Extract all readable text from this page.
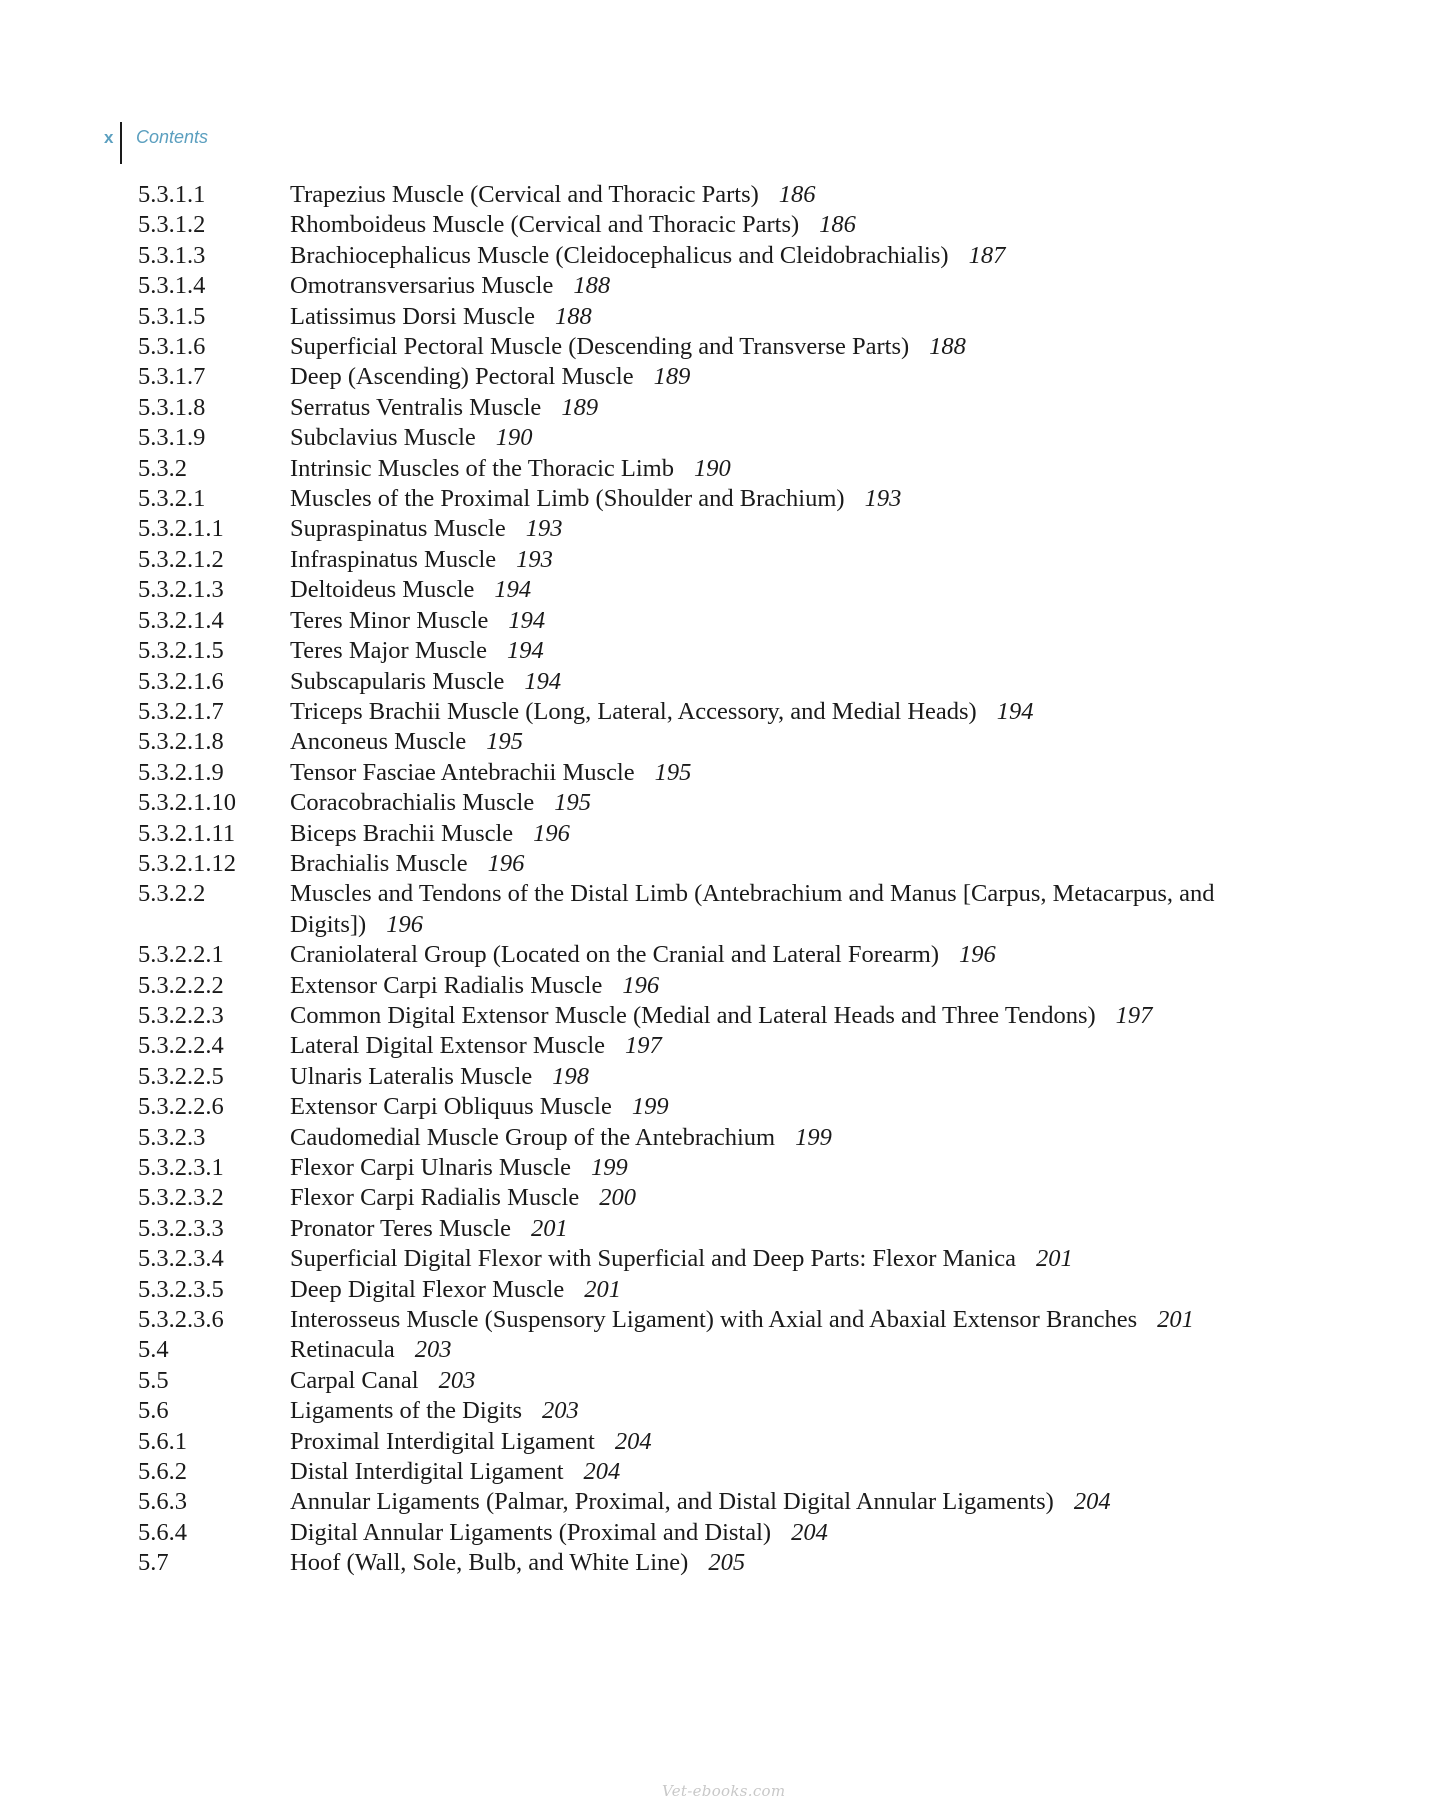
x	Contents
5.3.1.1	Trapezius Muscle (Cervical and Thoracic Parts) 186
5.3.1.2	Rhomboideus Muscle (Cervical and Thoracic Parts) 186
5.3.1.3	Brachiocephalicus Muscle (Cleidocephalicus and Cleidobrachialis) 187
5.3.1.4	Omotransversarius Muscle 188
5.3.1.5	Latissimus Dorsi Muscle 188
5.3.1.6	Superficial Pectoral Muscle (Descending and Transverse Parts) 188
5.3.1.7	Deep (Ascending) Pectoral Muscle 189
5.3.1.8	Serratus Ventralis Muscle 189
5.3.1.9	Subclavius Muscle 190
5.3.2	Intrinsic Muscles of the Thoracic Limb 190
5.3.2.1	Muscles of the Proximal Limb (Shoulder and Brachium) 193
5.3.2.1.1	Supraspinatus Muscle 193
5.3.2.1.2	Infraspinatus Muscle 193
5.3.2.1.3	Deltoideus Muscle 194
5.3.2.1.4	Teres Minor Muscle 194
5.3.2.1.5	Teres Major Muscle 194
5.3.2.1.6	Subscapularis Muscle 194
5.3.2.1.7	Triceps Brachii Muscle (Long, Lateral, Accessory, and Medial Heads) 194
5.3.2.1.8	Anconeus Muscle 195
5.3.2.1.9	Tensor Fasciae Antebrachii Muscle 195
5.3.2.1.10	Coracobrachialis Muscle 195
5.3.2.1.11	Biceps Brachii Muscle 196
5.3.2.1.12	Brachialis Muscle 196
5.3.2.2	Muscles and Tendons of the Distal Limb (Antebrachium and Manus [Carpus, Metacarpus, and Digits]) 196
5.3.2.2.1	Craniolateral Group (Located on the Cranial and Lateral Forearm) 196
5.3.2.2.2	Extensor Carpi Radialis Muscle 196
5.3.2.2.3	Common Digital Extensor Muscle (Medial and Lateral Heads and Three Tendons) 197
5.3.2.2.4	Lateral Digital Extensor Muscle 197
5.3.2.2.5	Ulnaris Lateralis Muscle 198
5.3.2.2.6	Extensor Carpi Obliquus Muscle 199
5.3.2.3	Caudomedial Muscle Group of the Antebrachium 199
5.3.2.3.1	Flexor Carpi Ulnaris Muscle 199
5.3.2.3.2	Flexor Carpi Radialis Muscle 200
5.3.2.3.3	Pronator Teres Muscle 201
5.3.2.3.4	Superficial Digital Flexor with Superficial and Deep Parts: Flexor Manica 201
5.3.2.3.5	Deep Digital Flexor Muscle 201
5.3.2.3.6	Interosseus Muscle (Suspensory Ligament) with Axial and Abaxial Extensor Branches 201
5.4	Retinacula 203
5.5	Carpal Canal 203
5.6	Ligaments of the Digits 203
5.6.1	Proximal Interdigital Ligament 204
5.6.2	Distal Interdigital Ligament 204
5.6.3	Annular Ligaments (Palmar, Proximal, and Distal Digital Annular Ligaments) 204
5.6.4	Digital Annular Ligaments (Proximal and Distal) 204
5.7	Hoof (Wall, Sole, Bulb, and White Line) 205
Vet-ebooks.com
